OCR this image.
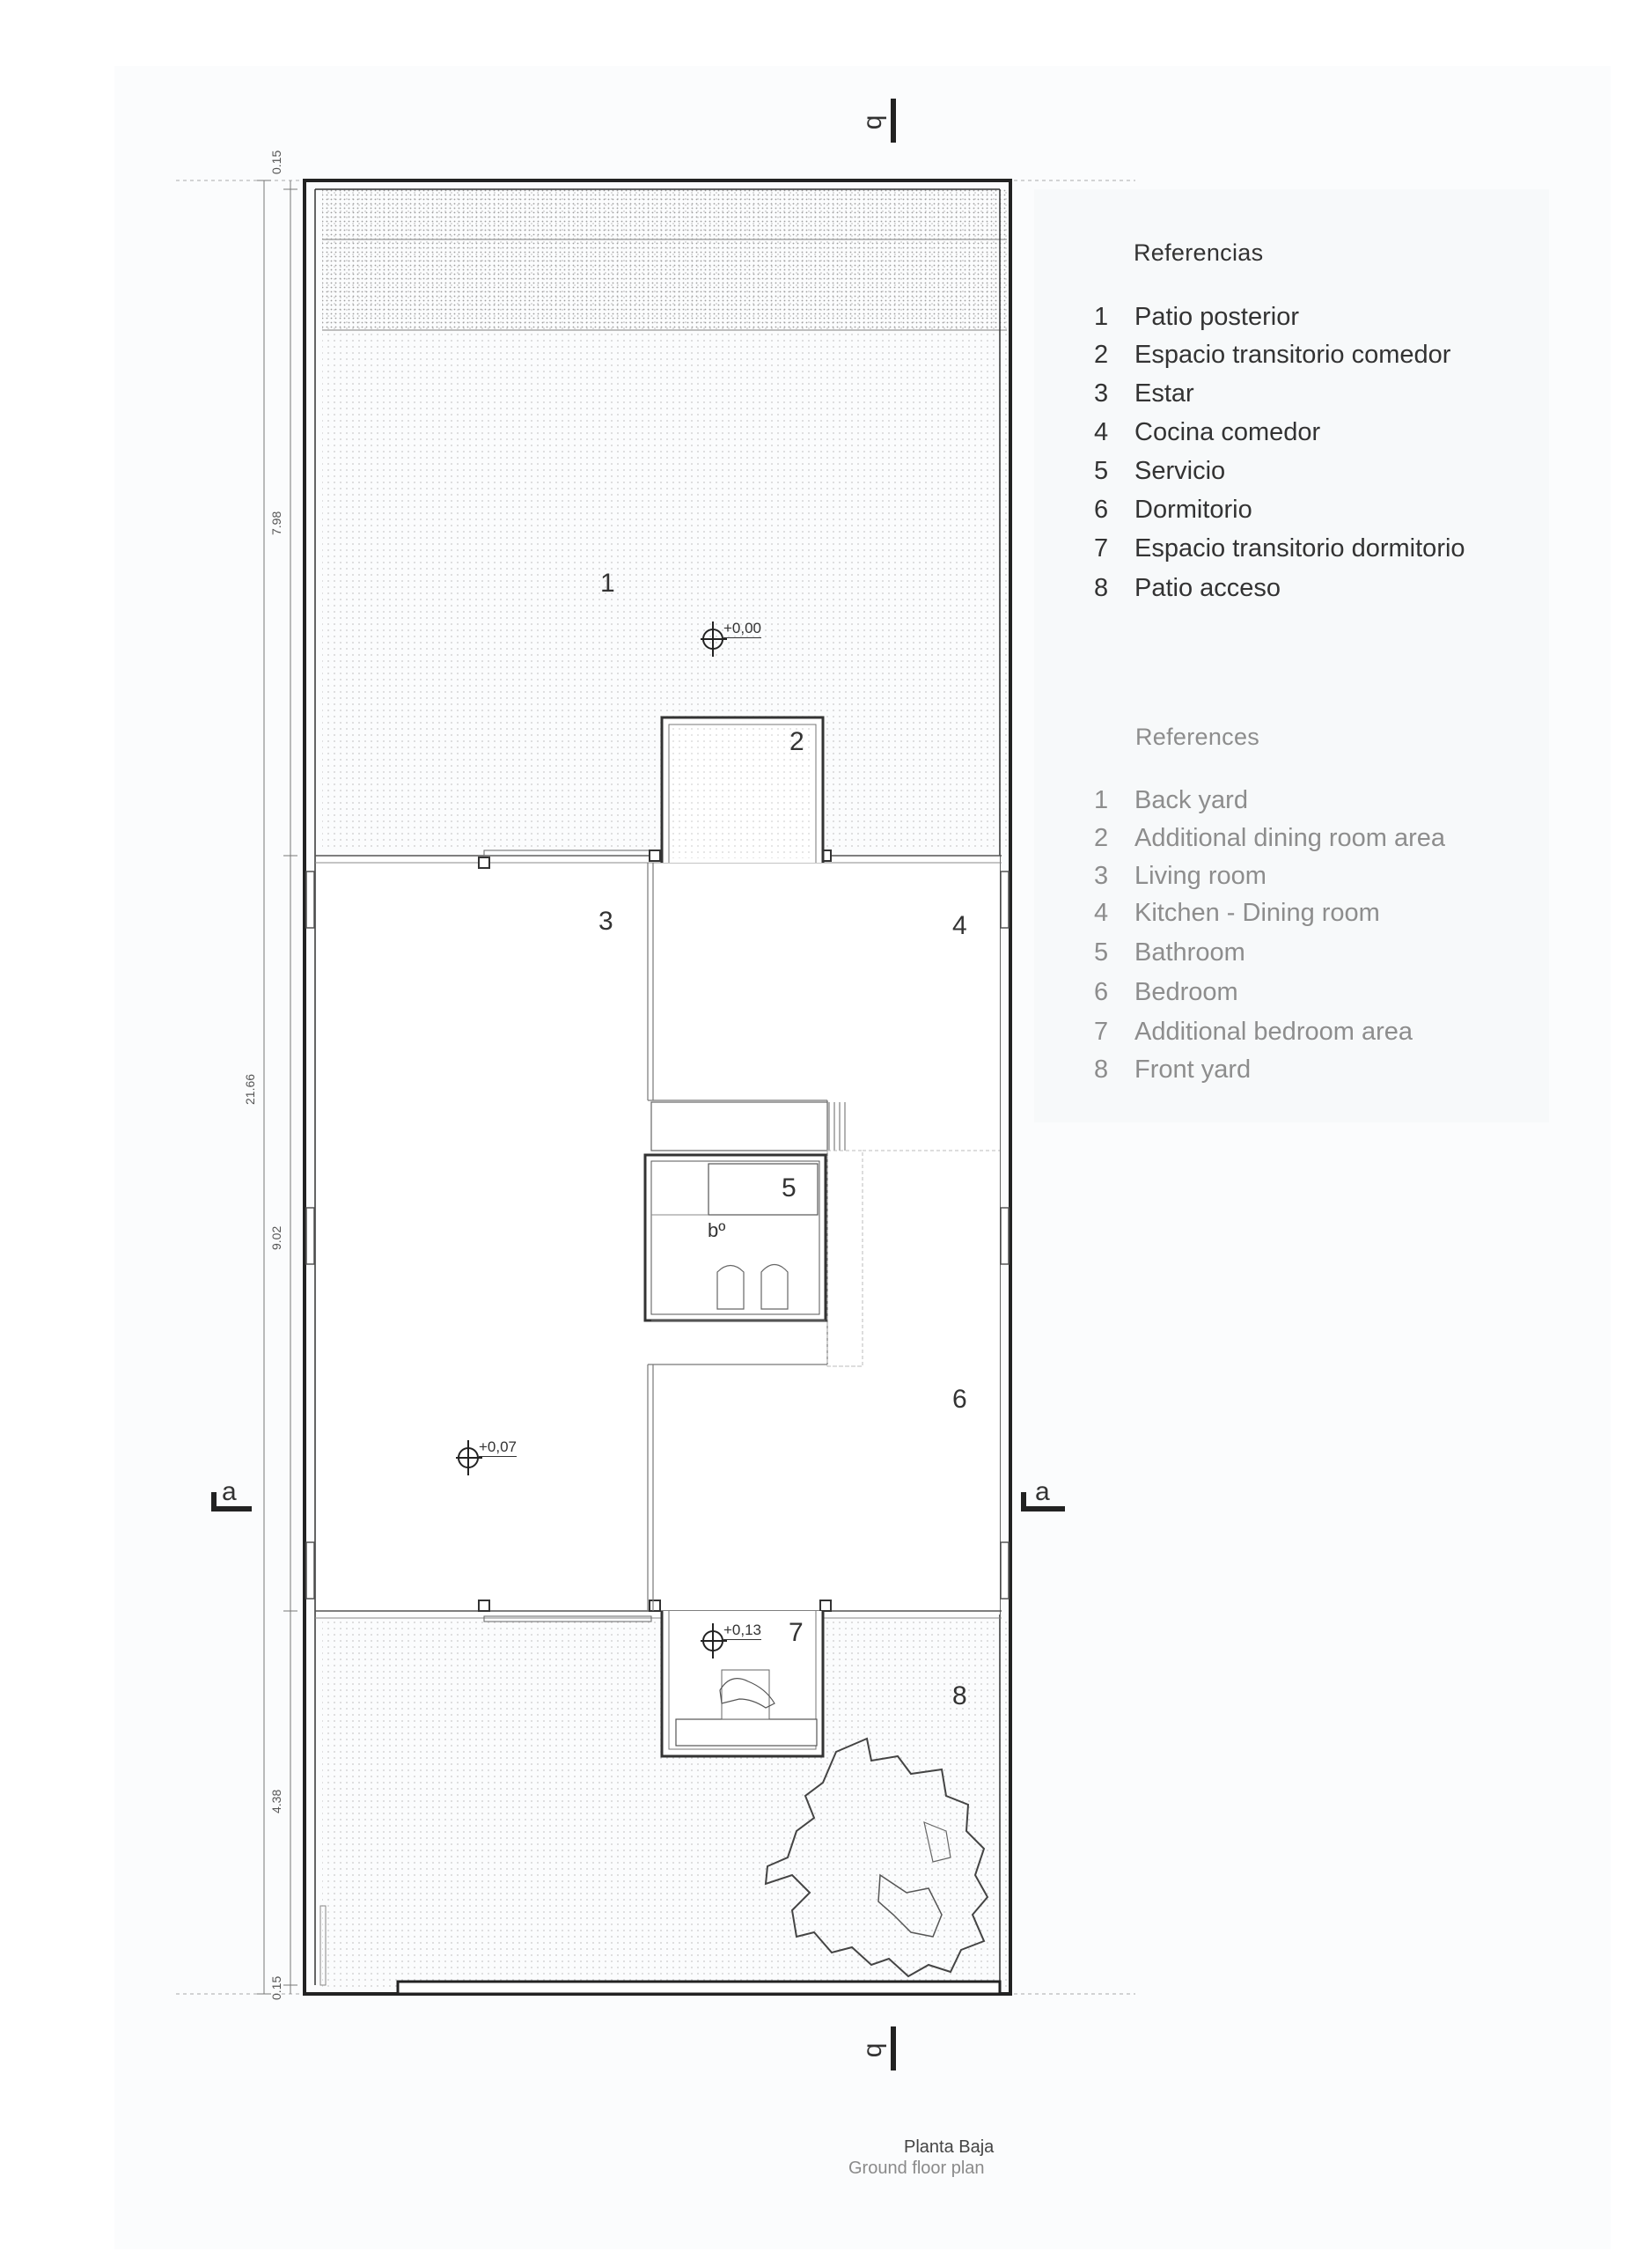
0.15
7.98
9.02
4.38
0.15
21.66
1
2
3	4
5
6
7
8
bº
+0,00
+0,07
+0,13
b
b
a	a
Referencias
1 Patio posterior
2 Espacio transitorio comedor
3 Estar
4 Cocina comedor
5 Servicio
6 Dormitorio
7 Espacio transitorio dormitorio
8 Patio acceso
References
1 Back yard
2 Additional dining room area
3 Living room
4 Kitchen - Dining room
5 Bathroom
6 Bedroom
7 Additional bedroom area
8 Front yard
Planta Baja
Ground floor plan
